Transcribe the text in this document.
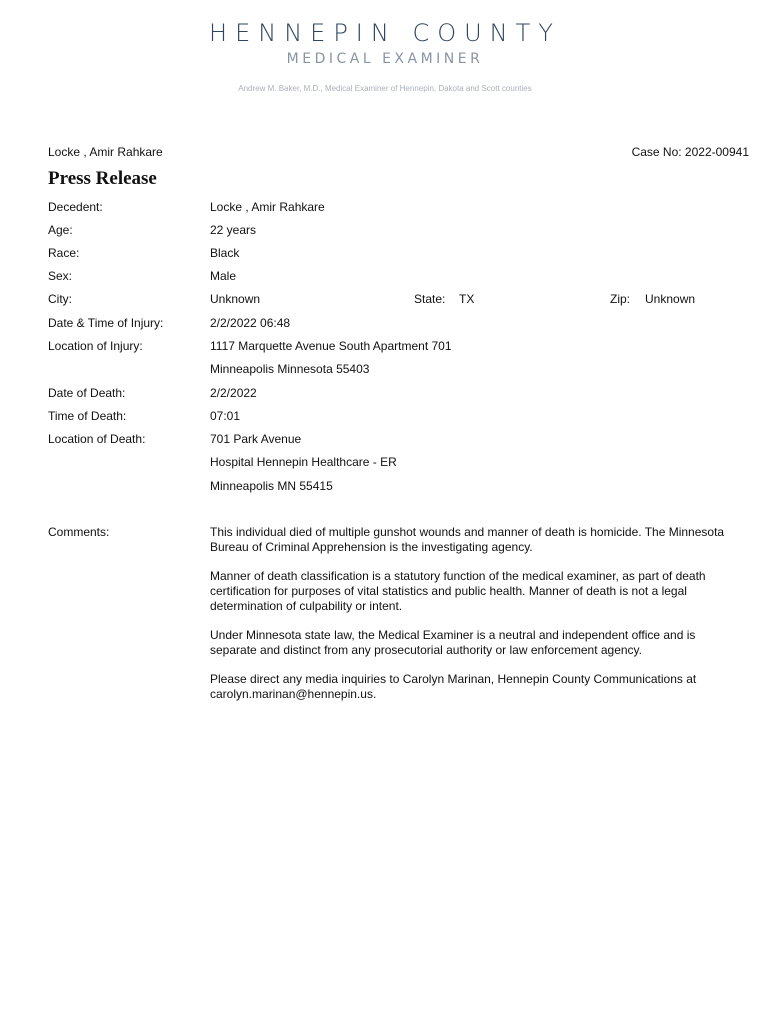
HENNEPIN COUNTY
MEDICAL EXAMINER
Andrew M. Baker, M.D., Medical Examiner of Hennepin, Dakota and Scott counties
Locke , Amir Rahkare	Case No: 2022-00941
Press Release
Decedent:	Locke , Amir Rahkare
Age:	22 years
Race:	Black
Sex:	Male
City:	Unknown	State: TX	Zip: Unknown
Date & Time of Injury:	2/2/2022 06:48
Location of Injury:	1117 Marquette Avenue South Apartment 701
Minneapolis Minnesota 55403
Date of Death:	2/2/2022
Time of Death:	07:01
Location of Death:	701 Park Avenue
Hospital Hennepin Healthcare - ER
Minneapolis MN 55415
Comments:	This individual died of multiple gunshot wounds and manner of death is homicide. The Minnesota Bureau of Criminal Apprehension is the investigating agency.

Manner of death classification is a statutory function of the medical examiner, as part of death certification for purposes of vital statistics and public health. Manner of death is not a legal determination of culpability or intent.

Under Minnesota state law, the Medical Examiner is a neutral and independent office and is separate and distinct from any prosecutorial authority or law enforcement agency.

Please direct any media inquiries to Carolyn Marinan, Hennepin County Communications at carolyn.marinan@hennepin.us.
